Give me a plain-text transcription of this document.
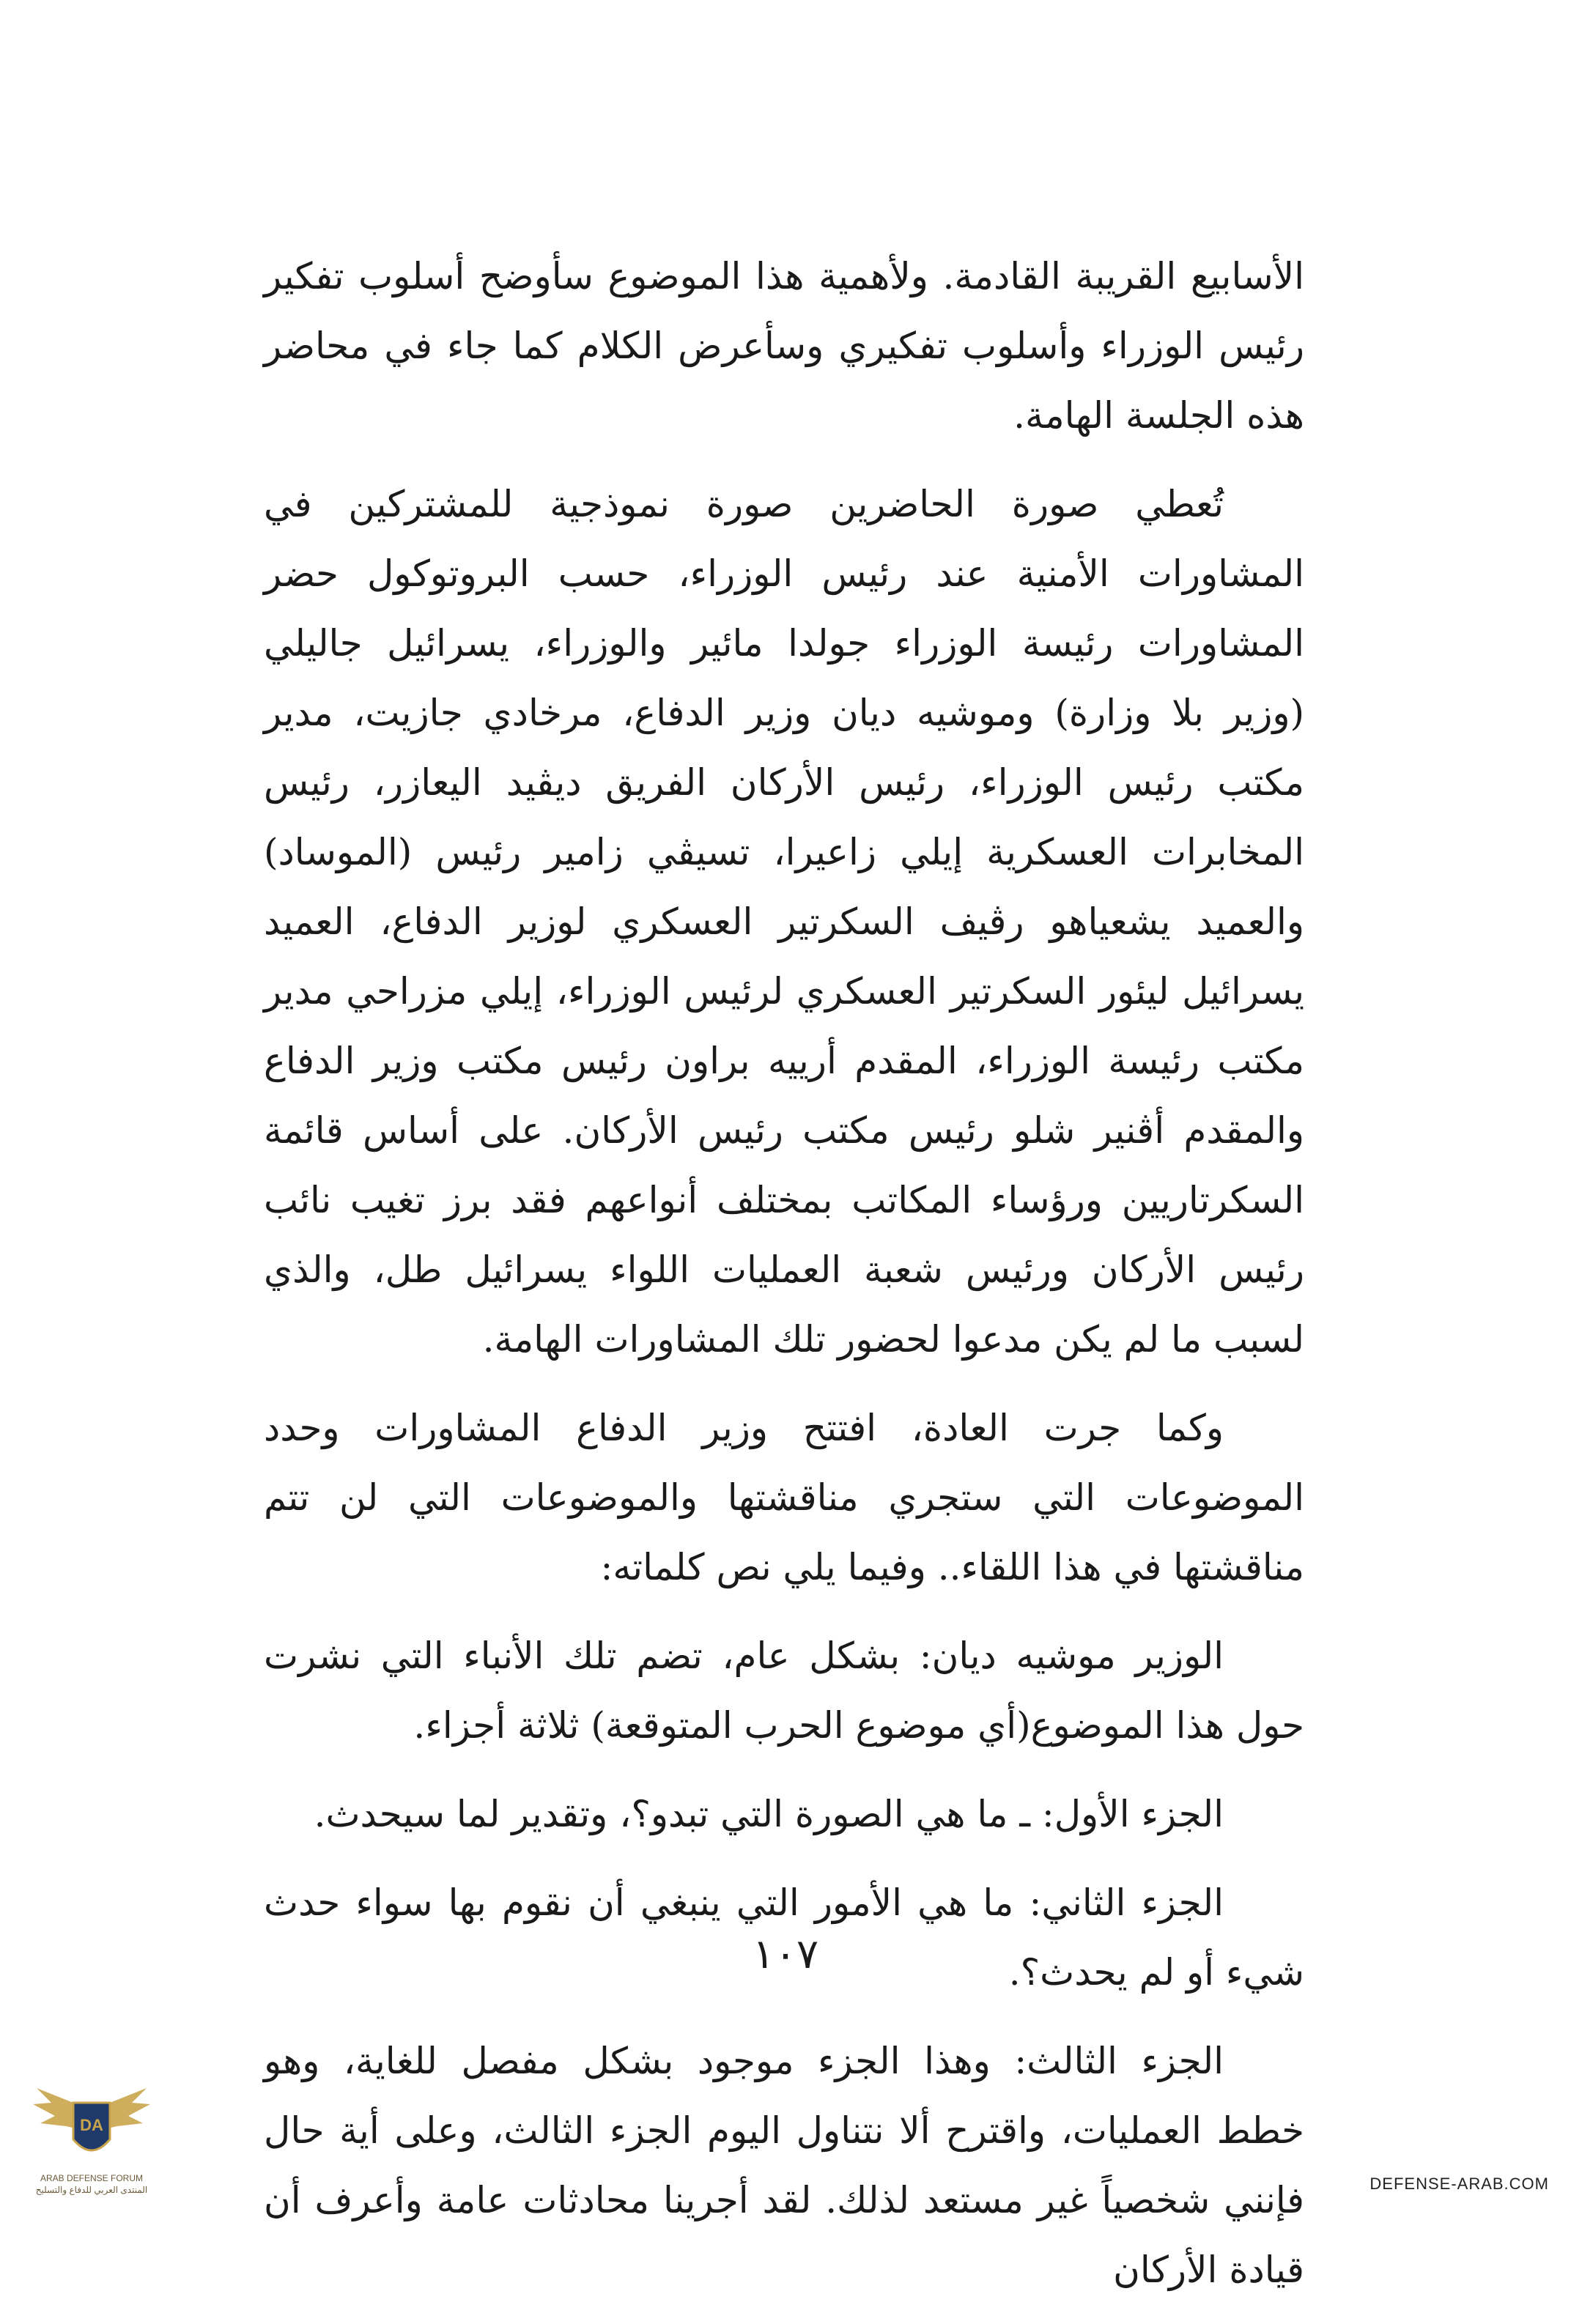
الأسابيع القريبة القادمة. ولأهمية هذا الموضوع سأوضح أسلوب تفكير رئيس الوزراء وأسلوب تفكيري وسأعرض الكلام كما جاء في محاضر هذه الجلسة الهامة.

تُعطي صورة الحاضرين صورة نموذجية للمشتركين في المشاورات الأمنية عند رئيس الوزراء، حسب البروتوكول حضر المشاورات رئيسة الوزراء جولدا مائير والوزراء، يسرائيل جاليلي (وزير بلا وزارة) وموشيه ديان وزير الدفاع، مرخادي جازيت، مدير مكتب رئيس الوزراء، رئيس الأركان الفريق ديڤيد اليعازر، رئيس المخابرات العسكرية إيلي زاعيرا، تسيڤي زامير رئيس (الموساد) والعميد يشعياهو رڤيف السكرتير العسكري لوزير الدفاع، العميد يسرائيل ليئور السكرتير العسكري لرئيس الوزراء، إيلي مزراحي مدير مكتب رئيسة الوزراء، المقدم أرييه براون رئيس مكتب وزير الدفاع والمقدم أڤنير شلو رئيس مكتب رئيس الأركان. على أساس قائمة السكرتاريين ورؤساء المكاتب بمختلف أنواعهم فقد برز تغيب نائب رئيس الأركان ورئيس شعبة العمليات اللواء يسرائيل طل، والذي لسبب ما لم يكن مدعوا لحضور تلك المشاورات الهامة.

وكما جرت العادة، افتتح وزير الدفاع المشاورات وحدد الموضوعات التي ستجري مناقشتها والموضوعات التي لن تتم مناقشتها في هذا اللقاء.. وفيما يلي نص كلماته:

الوزير موشيه ديان: بشكل عام، تضم تلك الأنباء التي نشرت حول هذا الموضوع(أي موضوع الحرب المتوقعة) ثلاثة أجزاء.

الجزء الأول: ـ ما هي الصورة التي تبدو؟، وتقدير لما سيحدث.

الجزء الثاني: ما هي الأمور التي ينبغي أن نقوم بها سواء حدث شيء أو لم يحدث؟.

الجزء الثالث: وهذا الجزء موجود بشكل مفصل للغاية، وهو خطط العمليات، واقترح ألا نتناول اليوم الجزء الثالث، وعلى أية حال فإنني شخصياً غير مستعد لذلك. لقد أجرينا محادثات عامة وأعرف أن قيادة الأركان

١٠٧
DA
ARAB DEFENSE FORUM
المنتدى العربي للدفاع والتسليح	DEFENSE-ARAB.COM
